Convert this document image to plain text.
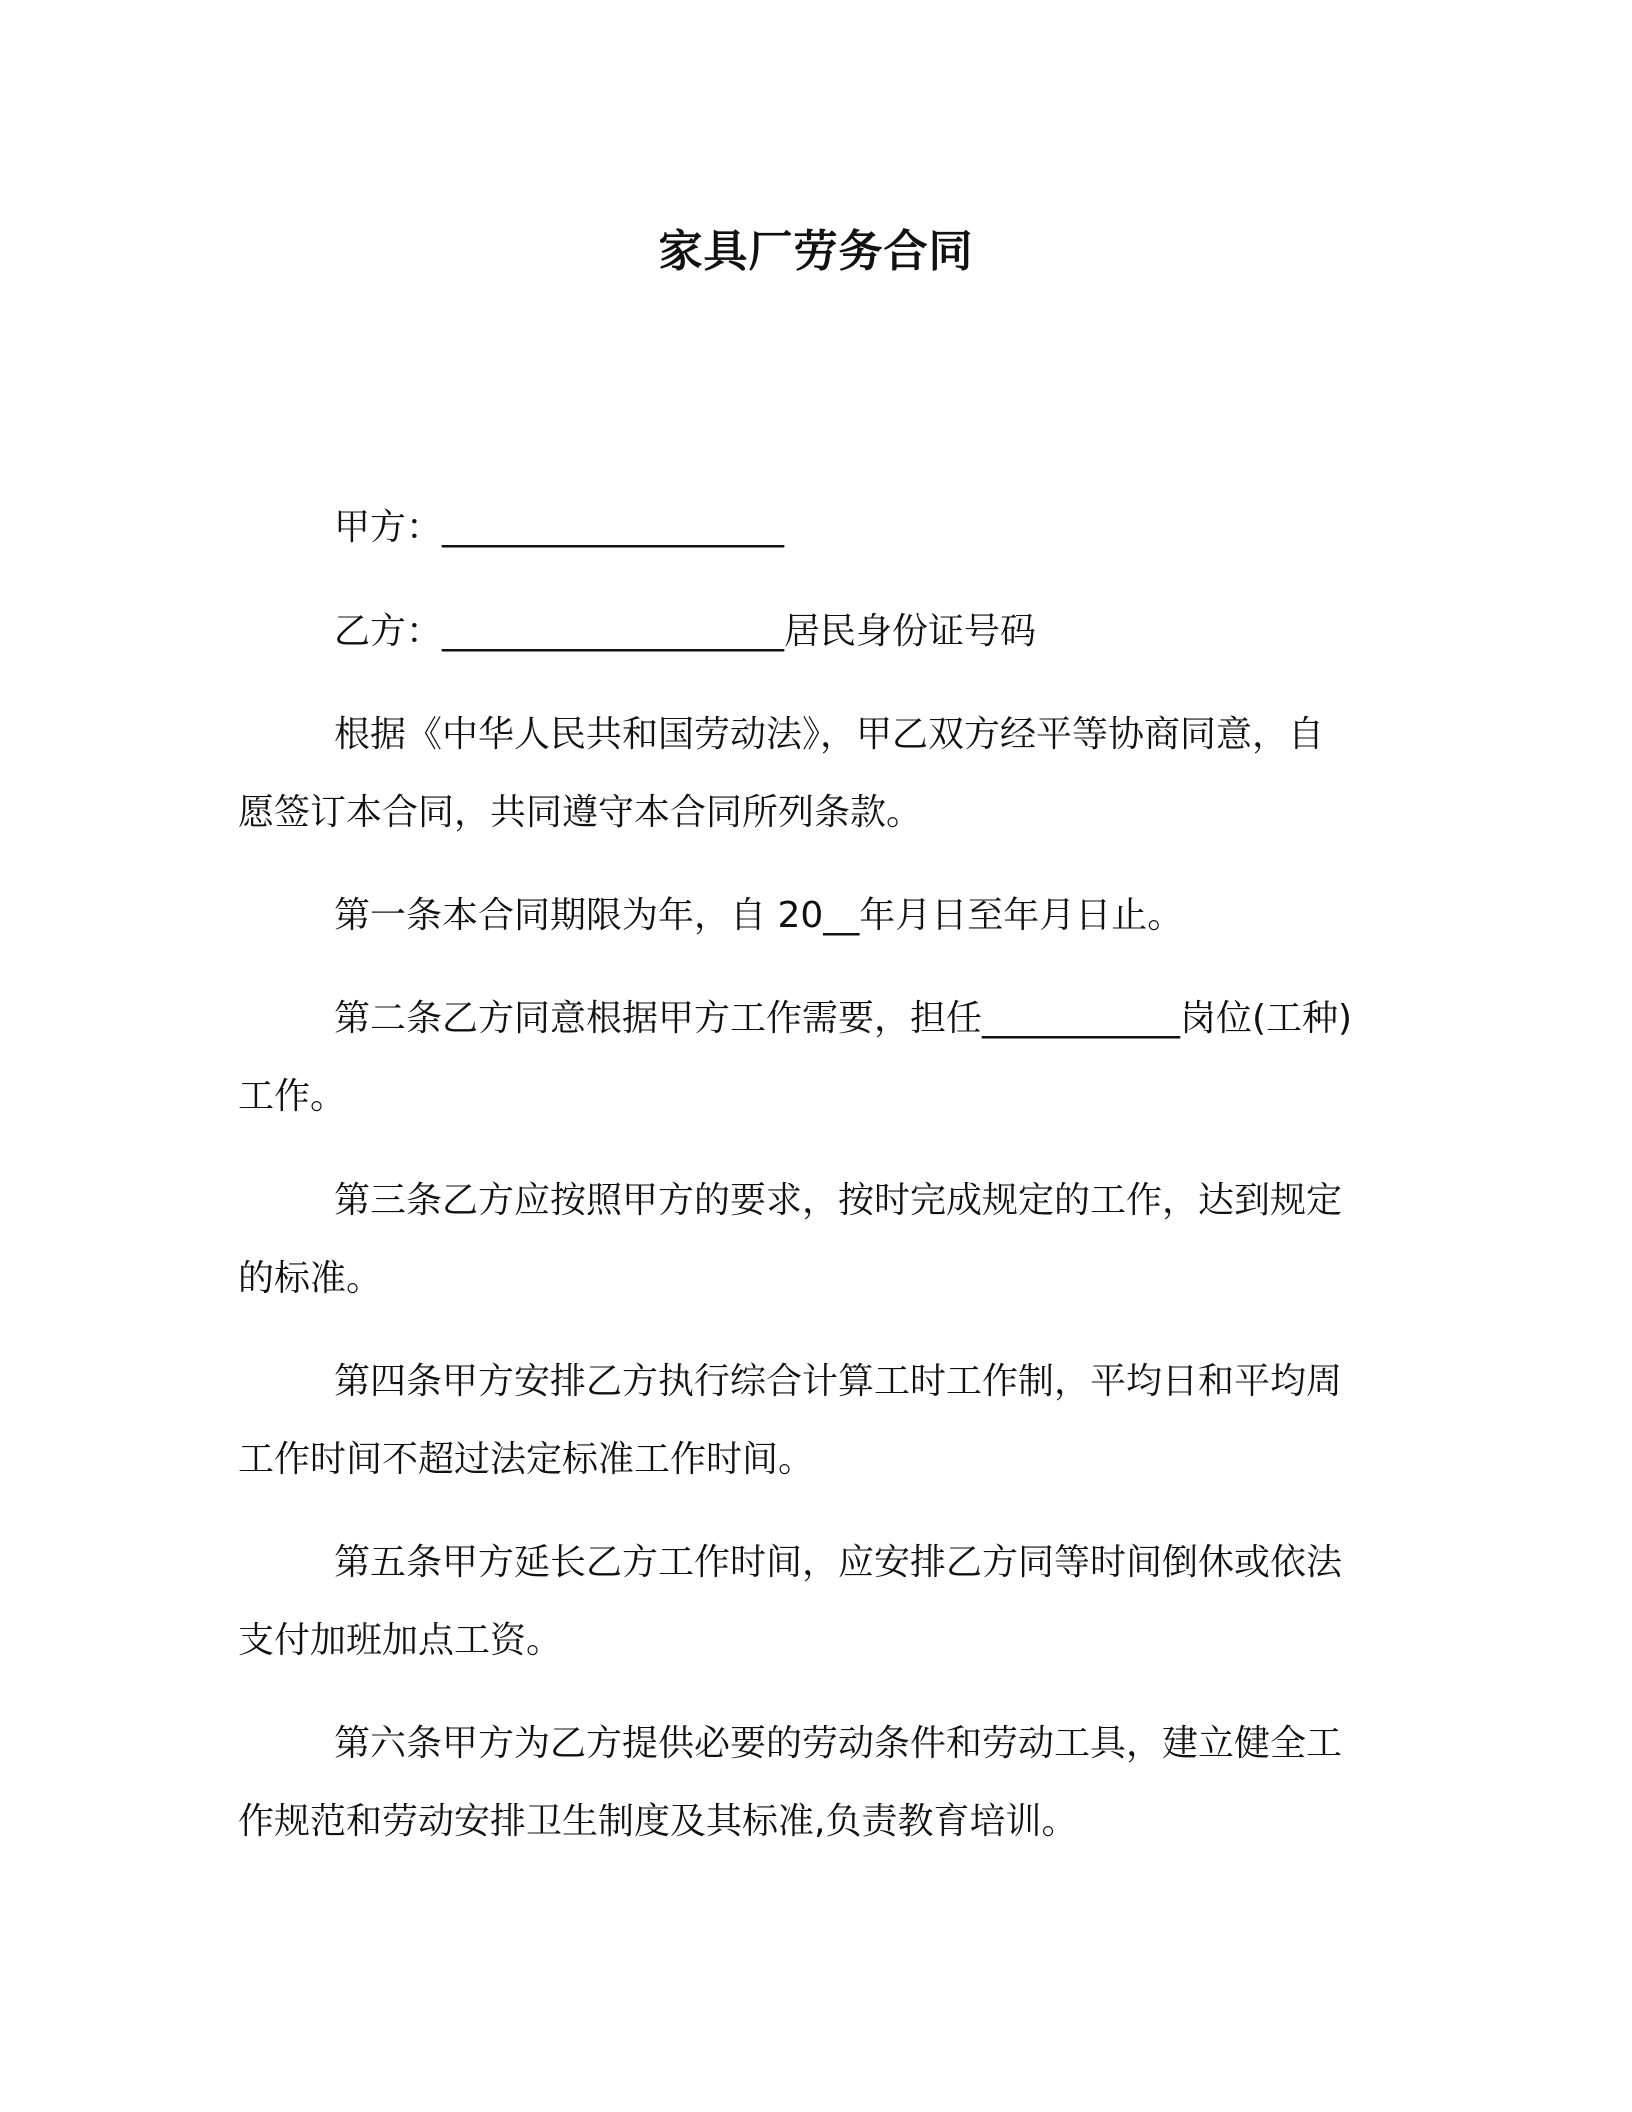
家具厂劳务合同

甲方：___________________

乙方：___________________居民身份证号码

根据《中华人民共和国劳动法》，甲乙双方经平等协商同意，自

愿签订本合同，共同遵守本合同所列条款。

第一条本合同期限为年，自 20__年月日至年月日止。

第二条乙方同意根据甲方工作需要，担任___________岗位(工种)

工作。

第三条乙方应按照甲方的要求，按时完成规定的工作，达到规定

的标准。

第四条甲方安排乙方执行综合计算工时工作制，平均日和平均周

工作时间不超过法定标准工作时间。

第五条甲方延长乙方工作时间，应安排乙方同等时间倒休或依法

支付加班加点工资。

第六条甲方为乙方提供必要的劳动条件和劳动工具，建立健全工

作规范和劳动安排卫生制度及其标准,负责教育培训。
